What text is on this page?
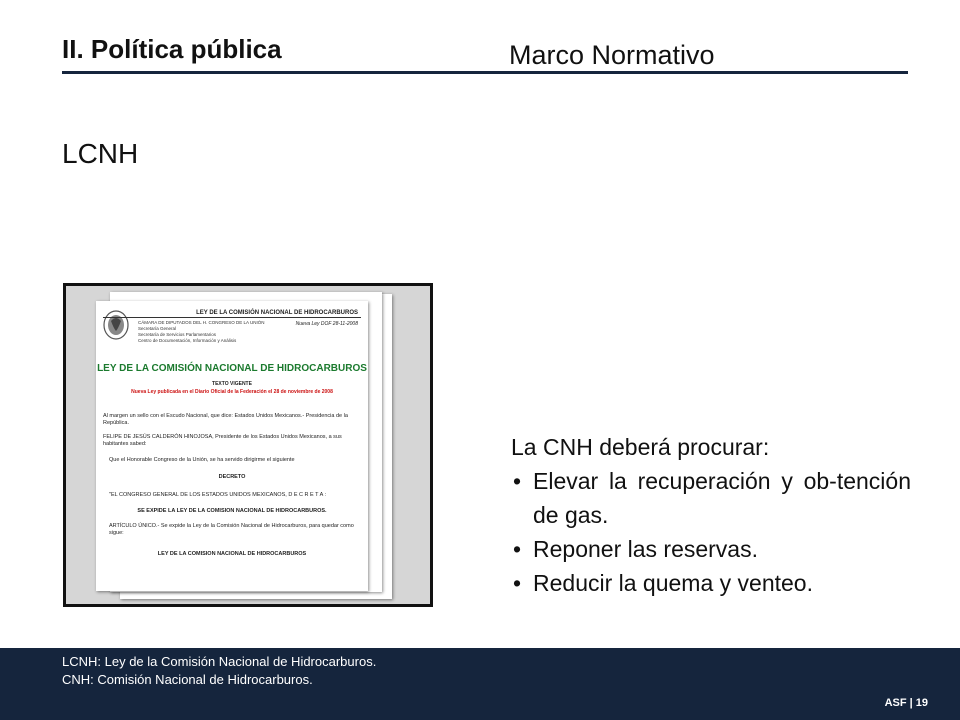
II. Política pública	Marco Normativo
LCNH
LEY DE LA COMISIÓN NACIONAL DE HIDROCARBUROS
CÁMARA DE DIPUTADOS DEL H. CONGRESO DE LA UNIÓN
Secretaría General
Secretaría de Servicios Parlamentarios
Centro de Documentación, Información y Análisis
Nueva Ley DOF 28-11-2008
LEY DE LA COMISIÓN NACIONAL DE HIDROCARBUROS
TEXTO VIGENTE
Nueva Ley publicada en el Diario Oficial de la Federación el 28 de noviembre de 2008
Al margen un sello con el Escudo Nacional, que dice: Estados Unidos Mexicanos.- Presidencia de la República.
FELIPE DE JESÚS CALDERÓN HINOJOSA, Presidente de los Estados Unidos Mexicanos, a sus habitantes sabed:
Que el Honorable Congreso de la Unión, se ha servido dirigirme el siguiente
DECRETO
"EL CONGRESO GENERAL DE LOS ESTADOS UNIDOS MEXICANOS, D E C R E T A :
SE EXPIDE LA LEY DE LA COMISION NACIONAL DE HIDROCARBUROS.
ARTÍCULO ÚNICO.- Se expide la Ley de la Comisión Nacional de Hidrocarburos, para quedar como sigue:
LEY DE LA COMISION NACIONAL DE HIDROCARBUROS
La CNH deberá procurar:
• Elevar la recuperación y ob-tención de gas.
• Reponer las reservas.
• Reducir la quema y venteo.
LCNH: Ley de la Comisión Nacional de Hidrocarburos.
CNH: Comisión Nacional de Hidrocarburos.
ASF | 19
